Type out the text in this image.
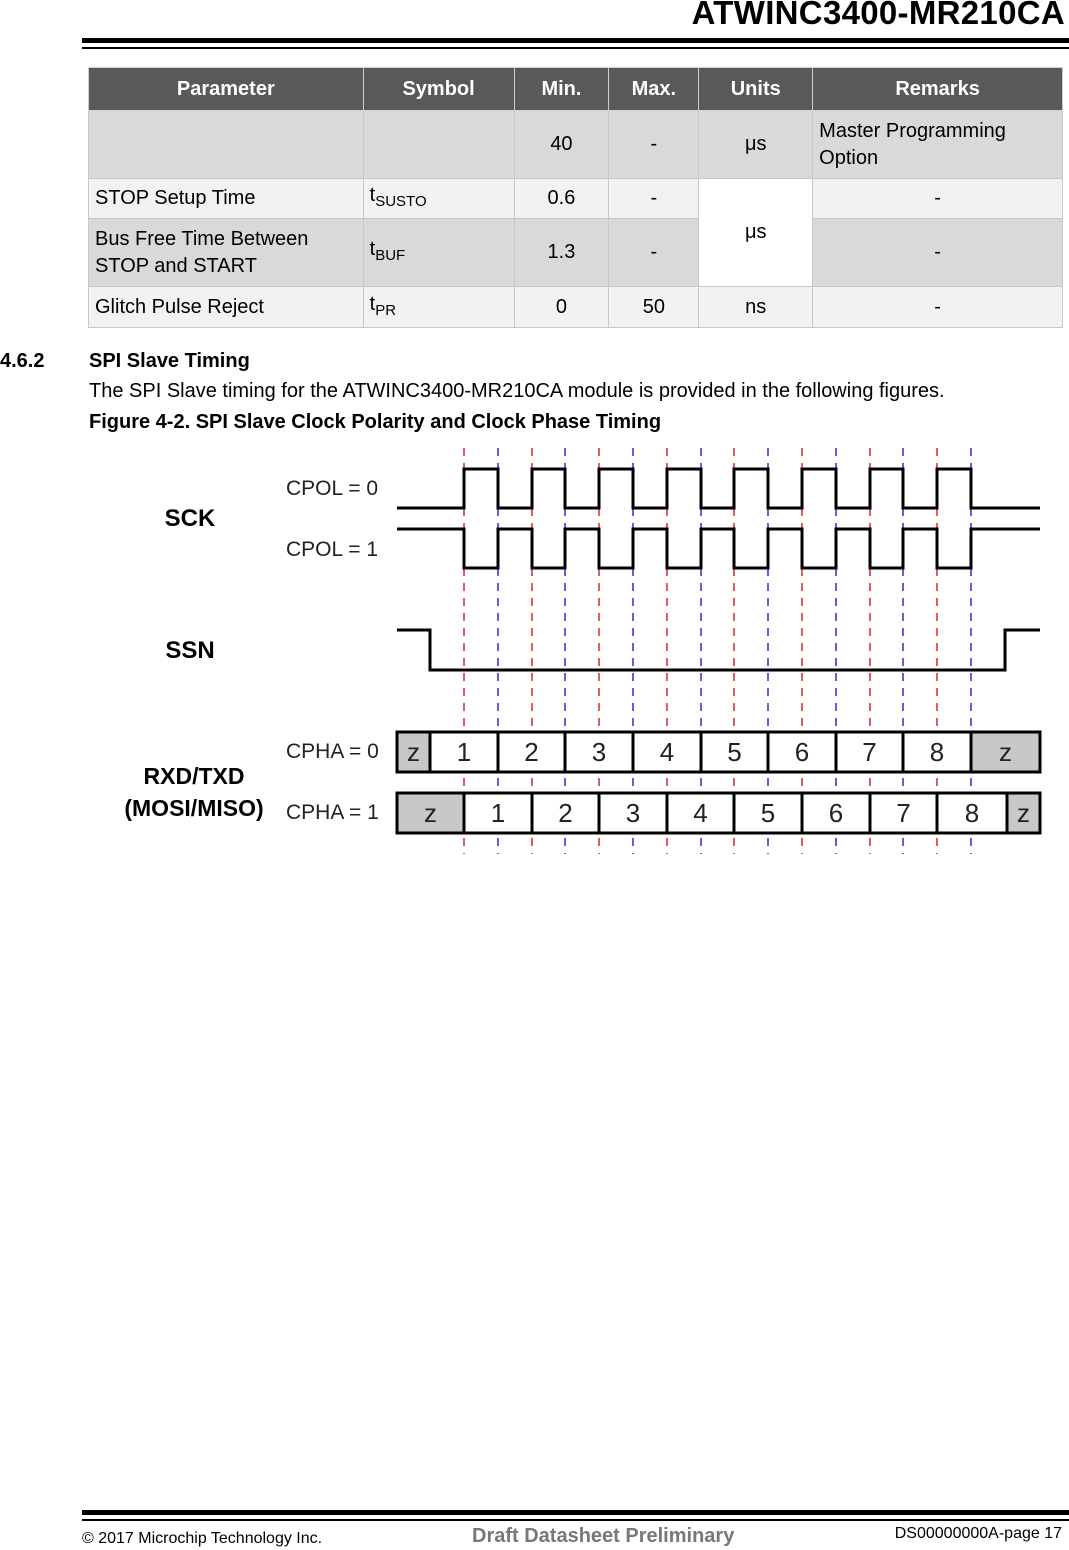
ATWINC3400-MR210CA
Parameter	Symbol	Min.	Max.	Units	Remarks
		40	-	μs	Master Programming Option
STOP Setup Time	$t_{SUSTO}$	0.6	-	μs	-
Bus Free Time Between STOP and START	$t_{BUF}$	1.3	-		-
Glitch Pulse Reject	$t_{PR}$	0	50	ns	-
4.6.2 SPI Slave Timing
The SPI Slave timing for the ATWINC3400-MR210CA module is provided in the following figures.
Figure 4-2. SPI Slave Clock Polarity and Clock Phase Timing
SCK
SSN
RXD/TXD
(MOSI/MISO)
CPOL = 0
CPOL = 1
CPHA = 0
CPHA = 1
z 1 2 3 4 5 6 7 8 z
z 1 2 3 4 5 6 7 8 z
© 2017 Microchip Technology Inc.	Draft Datasheet Preliminary	DS00000000A-page 17
